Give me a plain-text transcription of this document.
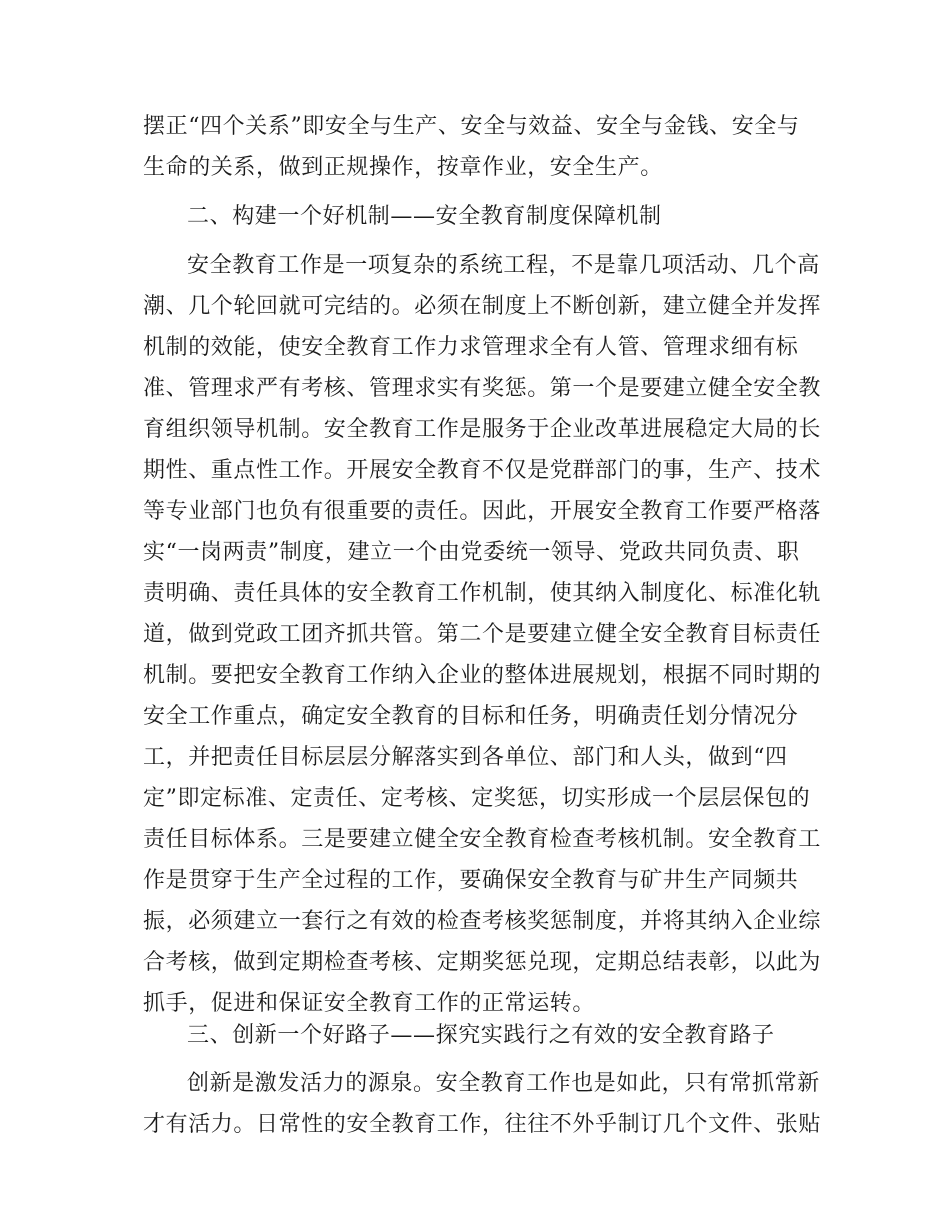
摆正“四个关系”即安全与生产、安全与效益、安全与金钱、安全与
生命的关系，做到正规操作，按章作业，安全生产。
二、构建一个好机制——安全教育制度保障机制
安全教育工作是一项复杂的系统工程，不是靠几项活动、几个高
潮、几个轮回就可完结的。必须在制度上不断创新，建立健全并发挥
机制的效能，使安全教育工作力求管理求全有人管、管理求细有标
准、管理求严有考核、管理求实有奖惩。第一个是要建立健全安全教
育组织领导机制。安全教育工作是服务于企业改革进展稳定大局的长
期性、重点性工作。开展安全教育不仅是党群部门的事，生产、技术
等专业部门也负有很重要的责任。因此，开展安全教育工作要严格落
实“一岗两责”制度，建立一个由党委统一领导、党政共同负责、职
责明确、责任具体的安全教育工作机制，使其纳入制度化、标准化轨
道，做到党政工团齐抓共管。第二个是要建立健全安全教育目标责任
机制。要把安全教育工作纳入企业的整体进展规划，根据不同时期的
安全工作重点，确定安全教育的目标和任务，明确责任划分情况分
工，并把责任目标层层分解落实到各单位、部门和人头，做到“四
定”即定标准、定责任、定考核、定奖惩，切实形成一个层层保包的
责任目标体系。三是要建立健全安全教育检查考核机制。安全教育工
作是贯穿于生产全过程的工作，要确保安全教育与矿井生产同频共
振，必须建立一套行之有效的检查考核奖惩制度，并将其纳入企业综
合考核，做到定期检查考核、定期奖惩兑现，定期总结表彰，以此为
抓手，促进和保证安全教育工作的正常运转。
三、创新一个好路子——探究实践行之有效的安全教育路子
创新是激发活力的源泉。安全教育工作也是如此，只有常抓常新
才有活力。日常性的安全教育工作，往往不外乎制订几个文件、张贴
